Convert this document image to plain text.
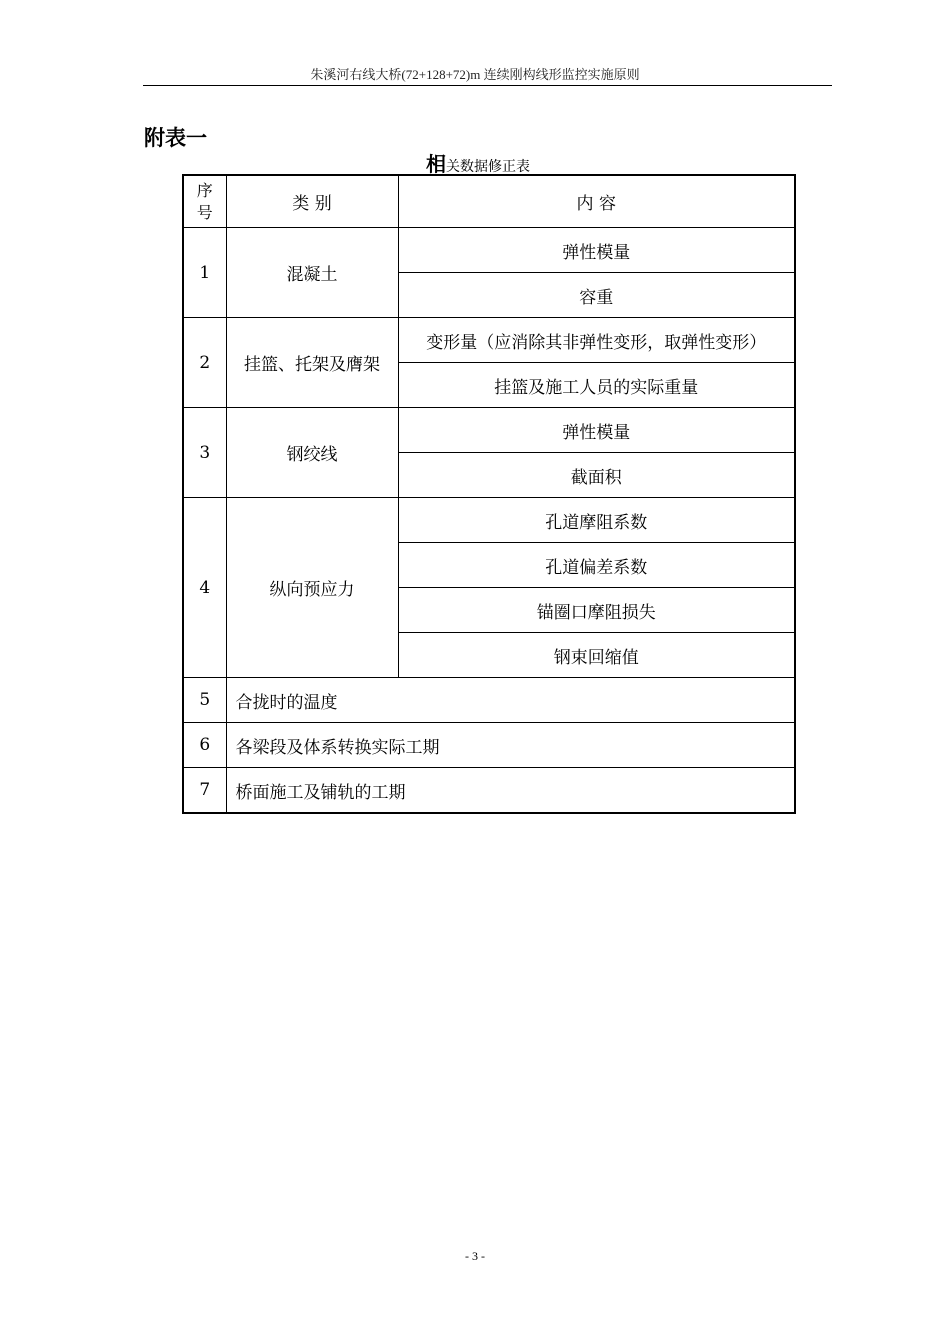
朱溪河右线大桥(72+128+72)m 连续刚构线形监控实施原则
附表一
相关数据修正表
序号	类 别	内 容
1	混凝土	弹性模量
		容重
2	挂篮、托架及膺架	变形量（应消除其非弹性变形，取弹性变形）
		挂篮及施工人员的实际重量
3	钢绞线	弹性模量
		截面积
4	纵向预应力	孔道摩阻系数
		孔道偏差系数
		锚圈口摩阻损失
		钢束回缩值
5	合拢时的温度	
6	各梁段及体系转换实际工期	
7	桥面施工及铺轨的工期	
- 3 -
